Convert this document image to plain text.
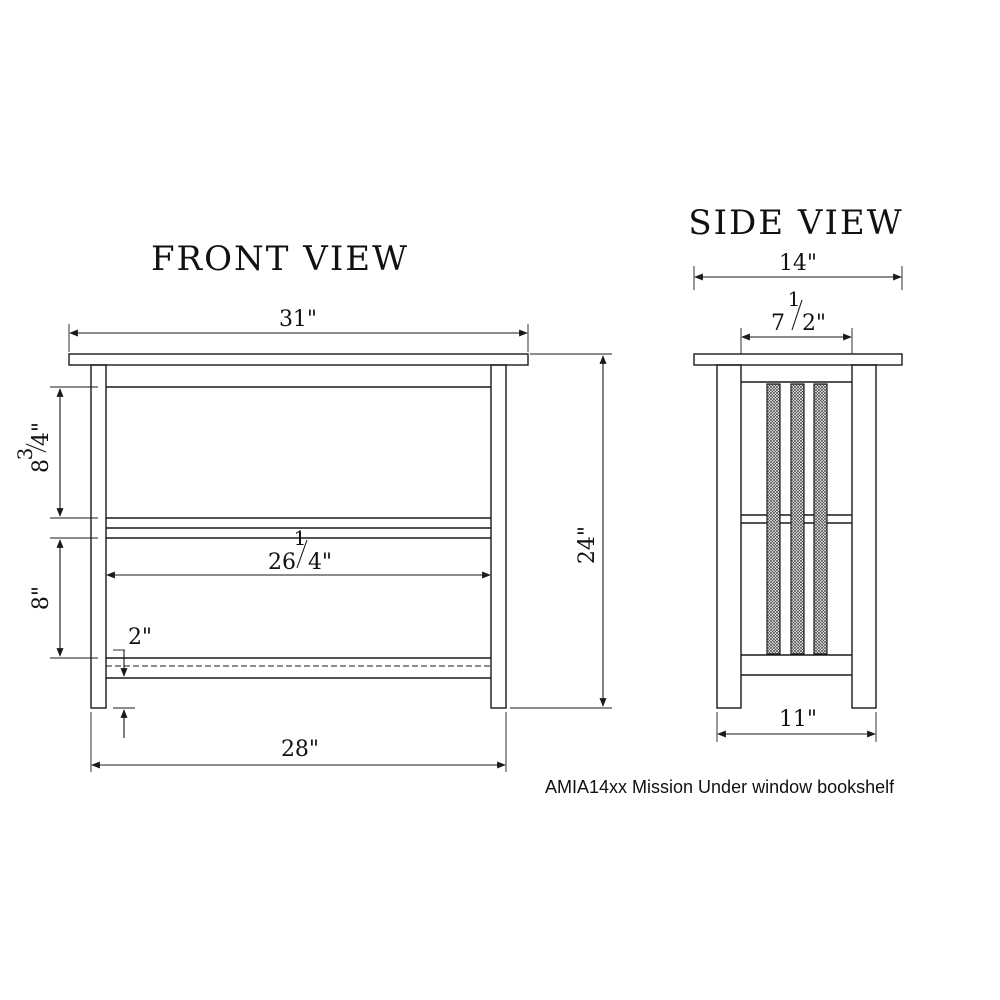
FRONT VIEW
31"
8
3
4"
8"
26
1
4"
2"
28"
24"
SIDE VIEW
14"
7
1
2"
11"
AMIA14xx Mission Under window bookshelf
